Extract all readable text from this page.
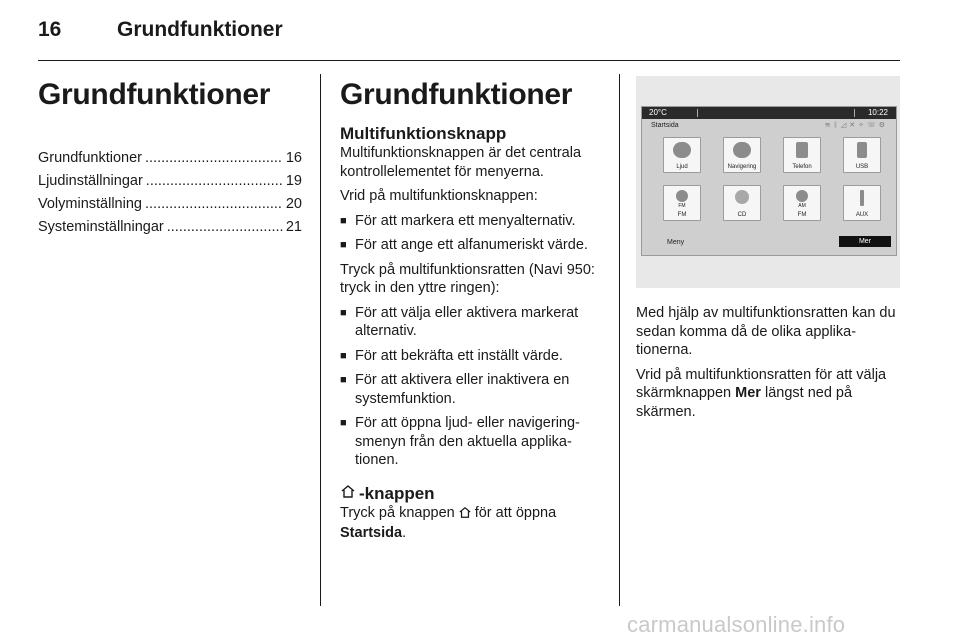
16	Grundfunktioner
Grundfunktioner
Grundfunktioner .....	16
Ljudinställningar .....	19
Volyminställning .....	20
Systeminställningar .....	21
Grundfunktioner
Multifunktionsknapp

Multifunktionsknappen är det centrala kontrollelementet för menyerna.

Vrid på multifunktionsknappen:

■ För att markera ett menyalternativ.
■ För att ange ett alfanumeriskt värde.

Tryck på multifunktionsratten (Navi 950: tryck in den yttre ringen):

■ För att välja eller aktivera markerat alternativ.
■ För att bekräfta ett inställt värde.
■ För att aktivera eller inaktivera en systemfunktion.
■ För att öppna ljud- eller navigering-smenyn från den aktuella applika-tionen.
-knappen

Tryck på knappen för att öppna Startsida.

20°C	10:22
Startsida	≋ᛒ◿✕✧☏⚙
Ljud	Navigering	Telefon	USB
FM
FM	CD
AM
FM	AUX
Meny	Mer

Med hjälp av multifunktionsratten kan du sedan komma då de olika applika-tionerna.

Vrid på multifunktionsratten för att välja skärmknappen Mer längst ned på skärmen.

carmanualsonline.info
